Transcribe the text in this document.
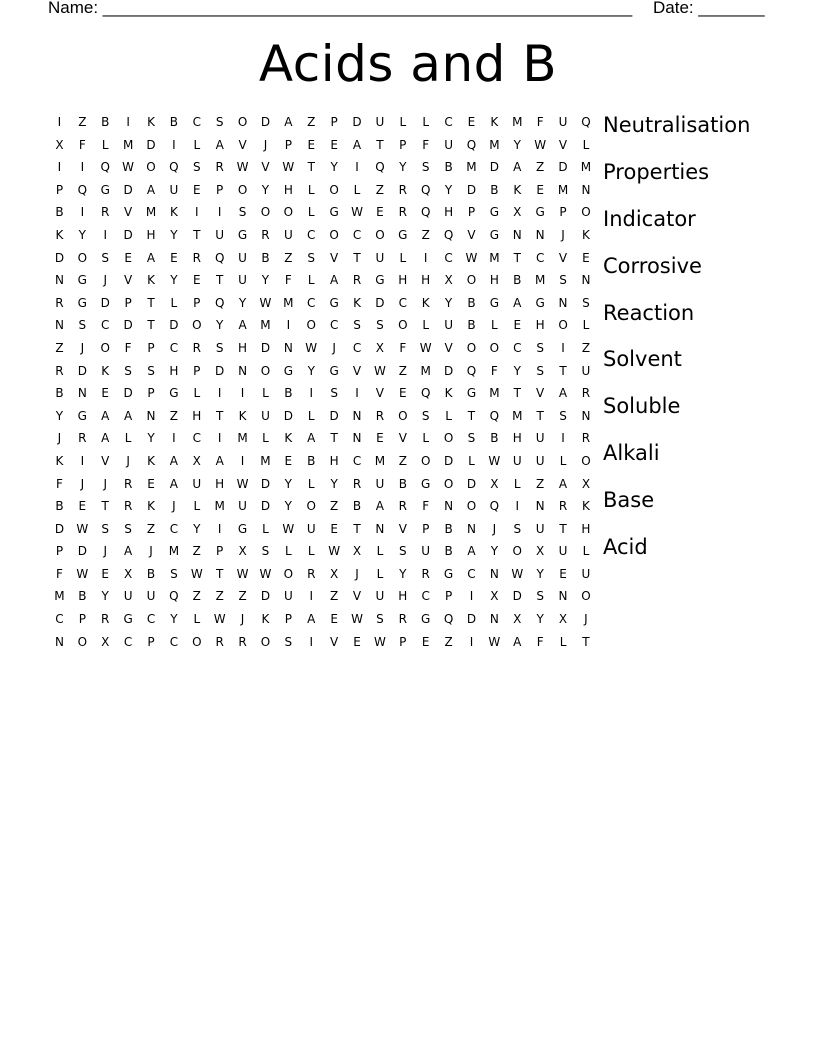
Name: ________________________________________________________ Date: _______
Acids and B
I	Z	B	I	K	B	C	S	O	D	A	Z	P	D	U	L	L	C	E	K	M	F	U	Q
X	F	L	M	D	I	L	A	V	J	P	E	E	A	T	P	F	U	Q	M	Y	W	V	L
I	I	Q	W	O	Q	S	R	W	V	W	T	Y	I	Q	Y	S	B	M	D	A	Z	D	M
P	Q	G	D	A	U	E	P	O	Y	H	L	O	L	Z	R	Q	Y	D	B	K	E	M	N
B	I	R	V	M	K	I	I	S	O	O	L	G	W	E	R	Q	H	P	G	X	G	P	O
K	Y	I	D	H	Y	T	U	G	R	U	C	O	C	O	G	Z	Q	V	G	N	N	J	K
D	O	S	E	A	E	R	Q	U	B	Z	S	V	T	U	L	I	C	W M	T	C	V	E
N	G	J	V	K	Y	E	T	U	Y	F	L	A	R	G	H	H	X	O	H	B	M	S	N
R	G	D	P	T	L	P	Q	Y	W M	C	G	K	D	C	K	Y	B	G	A	G	N	S
N	S	C	D	T	D	O	Y	A	M	I	O	C	S	S	O	L	U	B	L	E	H	O	L
Z	J	O	F	P	C	R	S	H	D	N	W	J	C	X	F	W	V	O	O	C	S	I	Z
R	D	K	S	S	H	P	D	N	O	G	Y	G	V	W	Z	M	D	Q	F	Y	S	T	U
B	N	E	D	P	G	L	I	I	L	B	I	S	I	V	E	Q	K	G	M	T	V	A	R
Y	G	A	A	N	Z	H	T	K	U	D	L	D	N	R	O	S	L	T	Q	M	T	S	N
J	R	A	L	Y	I	C	I	M	L	K	A	T	N	E	V	L	O	S	B	H	U	I	R
K	I	V	J	K	A	X	A	I	M	E	B	H	C	M	Z	O	D	L	W	U	U	L	O
F	J	J	R	E	A	U	H	W	D	Y	L	Y	R	U	B	G	O	D	X	L	Z	A	X
B	E	T	R	K	J	L	M	U	D	Y	O	Z	B	A	R	F	N	O	Q	I	N	R	K
D	W	S	S	Z	C	Y	I	G	L	W	U	E	T	N	V	P	B	N	J	S	U	T	H
P	D	J	A	J	M	Z	P	X	S	L	L	W	X	L	S	U	B	A	Y	O	X	U	L
F	W	E	X	B	S	W	T	W W	O	R	X	J	L	Y	R	G	C	N	W	Y	E	U
M	B	Y	U	U	Q	Z	Z	Z	D	U	I	Z	V	U	H	C	P	I	X	D	S	N	O
C	P	R	G	C	Y	L	W	J	K	P	A	E	W	S	R	G	Q	D	N	X	Y	X	J
N	O	X	C	P	C	O	R	R	O	S	I	V	E	W	P	E	Z	I	W	A	F	L	T
Neutralisation
Properties
Indicator
Corrosive
Reaction
Solvent
Soluble
Alkali
Base
Acid
